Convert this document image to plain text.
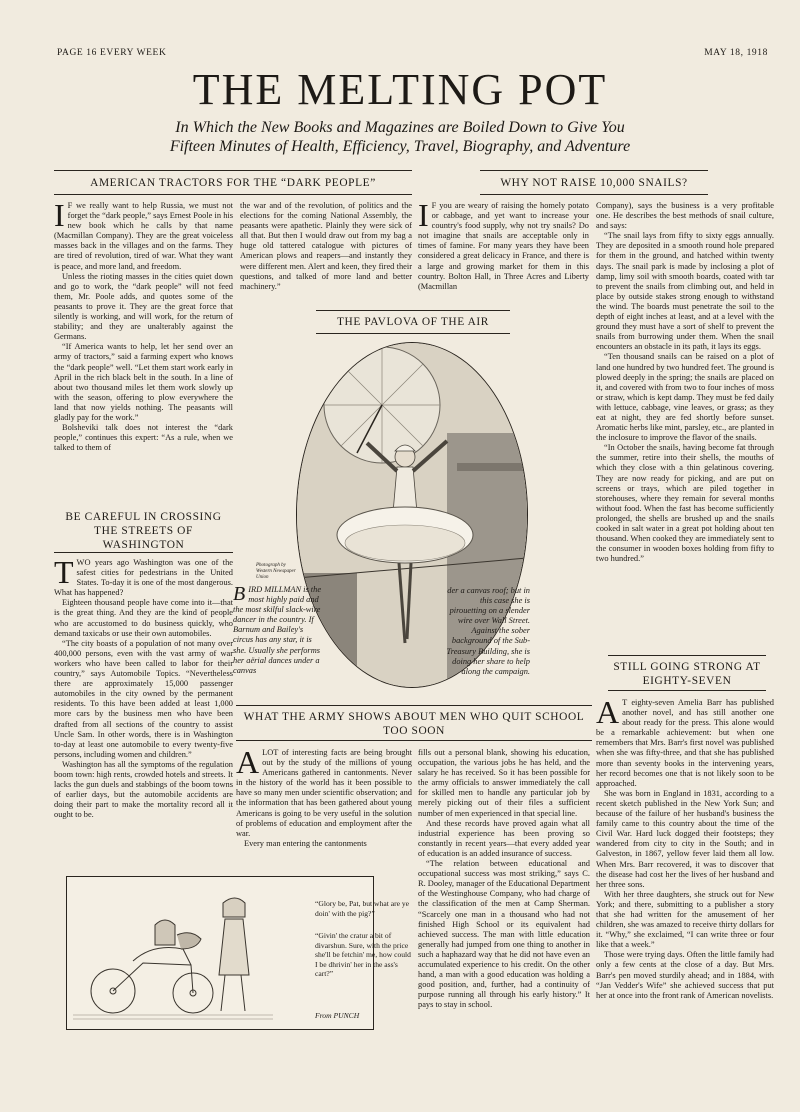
PAGE 16 EVERY WEEK	MAY 18, 1918
THE MELTING POT
In Which the New Books and Magazines are Boiled Down to Give You
Fifteen Minutes of Health, Efficiency, Travel, Biography, and Adventure
AMERICAN TRACTORS FOR THE “DARK PEOPLE”

I F we really want to help Russia, we must not forget the “dark people,” says Ernest Poole in his new book which he calls by that name (Macmillan Company). They are the great voiceless masses back in the villages and on the farms. They are tired of revolution, tired of war. What they want is peace, and more land, and freedom.

Unless the rioting masses in the cities quiet down and go to work, the “dark people” will not feed them, Mr. Poole adds, and quotes some of the peasants to prove it. They are the great force that silently is working, and will work, for the return of stability; and they are unalterably against the Germans.

“If America wants to help, let her send over an army of tractors,” said a farming expert who knows the “dark people” well. “Let them start work early in April in the rich black belt in the south. In a line of about two thousand miles let them work slowly up with the season, offering to plow everywhere the land that now yields nothing. The peasants will gladly pay for the work.”

Bolsheviki talk does not interest the “dark people,” continues this expert: “As a rule, when we talked to them of

the war and of the revolution, of politics and the elections for the coming National Assembly, the peasants were apathetic. Plainly they were sick of all that. But then I would draw out from my bag a huge old tattered catalogue with pictures of American plows and reapers—and instantly they were different men. Alert and keen, they fired their questions, and talked of more land and better machinery.”

BE CAREFUL IN CROSSING THE STREETS OF WASHINGTON

TWO years ago Washington was one of the safest cities for pedestrians in the United States. To-day it is one of the most dangerous. What has happened?

Eighteen thousand people have come into it—that is the great thing. And they are the kind of people who are accustomed to do business quickly, who demand taxicabs or use their own automobiles.

“The city boasts of a population of not many over 400,000 persons, even with the vast army of war workers who have been called to labor for their country,” says Automobile Topics. “Nevertheless there are approximately 15,000 passenger automobiles in the city owned by the permanent residents. To this have been added at least 1,000 more cars by the business men who have been drafted from all sections of the country to assist Uncle Sam. In other words, there is in Washington to-day at least one automobile to every twenty-five persons, including women and children.”

Washington has all the symptoms of the regulation boom town: high rents, crowded hotels and streets. It lacks the gun duels and stabbings of the boom towns of earlier days, but the automobile accidents are doing their part to make the mortality record all it ought to be.

THE PAVLOVA OF THE AIR
Photograph by Western Newspaper Union
BIRD MILLMAN is the most highly paid and the most skilful slack-wire dancer in the country. If Barnum and Bailey's circus has any star, it is she. Usually she performs her aërial dances under a canvas
der a canvas roof; but in this case she is pirouetting on a slender wire over Wall Street. Against the sober background of the Sub-Treasury Building, she is doing her share to help along the campaign.
WHY NOT RAISE 10,000 SNAILS?

I F you are weary of raising the homely potato or cabbage, and yet want to increase your country's food supply, why not try snails? Do not imagine that snails are acceptable only in times of famine. For many years they have been considered a great delicacy in France, and there is a large and growing market for them in this country. Bolton Hall, in Three Acres and Liberty (Macmillan

Company), says the business is a very profitable one. He describes the best methods of snail culture, and says:

“The snail lays from fifty to sixty eggs annually. They are deposited in a smooth round hole prepared for them in the ground, and hatched within twenty days. The snail park is made by inclosing a plot of damp, limy soil with smooth boards, coated with tar to prevent the snails from climbing out, and held in place by outside stakes strong enough to withstand the wind. The boards must penetrate the soil to the depth of eight inches at least, and at a level with the ground they must have a sort of shelf to prevent the snails from burrowing under them. When the snail encounters an obstacle in its path, it lays its eggs.

“Ten thousand snails can be raised on a plot of land one hundred by two hundred feet. The ground is plowed deeply in the spring; the snails are placed on it, and covered with from two to four inches of moss or straw, which is kept damp. They must be fed daily with lettuce, cabbage, vine leaves, or grass; as they eat at night, they are fed shortly before sunset. Aromatic herbs like mint, parsley, etc., are planted in the inclosure to improve the flavor of the snails.

“In October the snails, having become fat through the summer, retire into their shells, the mouths of which they close with a thin gelatinous covering. They are now ready for picking, and are put on screens or trays, which are piled together in storehouses, where they remain for several months without food. When the fast has become sufficiently prolonged, the shells are brushed up and the snails cooked in salt water in a great pot holding about ten thousand. When cooked they are immediately sent to the consumer in wooden boxes holding from fifty to two hundred.”

WHAT THE ARMY SHOWS ABOUT MEN WHO QUIT SCHOOL TOO SOON

ALOT of interesting facts are being brought out by the study of the millions of young Americans gathered in cantonments. Never in the history of the world has it been possible to have so many men under scientific observation; and the information that has been gathered about young Americans is going to be very useful in the solution of problems of education and employment after the war.

Every man entering the cantonments

fills out a personal blank, showing his education, occupation, the various jobs he has held, and the salary he has received. So it has been possible for the army officials to answer immediately the call for skilled men to handle any particular job by merely picking out of their files a sufficient number of men experienced in that special line.

And these records have proved again what all industrial experience has been proving so constantly in recent years—that every added year of education is an added insurance of success.

“The relation between educational and occupational success was most striking,” says C. R. Dooley, manager of the Educational Department of the Westinghouse Company, who had charge of the classification of the men at Camp Sherman. “Scarcely one man in a thousand who had not finished High School or its equivalent had achieved success. The man with little education generally had jumped from one thing to another in such a haphazard way that he did not have even an accumulated experience to his credit. On the other hand, a man with a good education was holding a good position, and, further, had a continuity of purpose running all through his early history.” It pays to stay in school.

STILL GOING STRONG AT EIGHTY-SEVEN

A T eighty-seven Amelia Barr has published another novel, and has still another one about ready for the press. This alone would be a remarkable achievement: but when one remembers that Mrs. Barr's first novel was published when she was fifty-three, and that she has published more than seventy books in the intervening years, her record becomes one that is not likely soon to be approached.

She was born in England in 1831, according to a recent sketch published in the New York Sun; and because of the failure of her husband's business the family came to this country about the time of the Civil War. Hard luck dogged their footsteps; they wandered from city to city in the South; and in Galveston, in 1867, yellow fever laid them all low. When Mrs. Barr recovered, it was to discover that the disease had cost her the lives of her husband and her three sons.

With her three daughters, she struck out for New York; and there, submitting to a publisher a story that she had written for the amusement of her children, she was amazed to receive thirty dollars for it. “Why,” she exclaimed, “I can write three or four like that a week.”

Those were trying days. Often the little family had only a few cents at the close of a day. But Mrs. Barr's pen moved sturdily ahead; and in 1884, with “Jan Vedder's Wife” she achieved success that put her at once into the front rank of American novelists.

“Glory be, Pat, but what are ye doin' with the pig?”
“Givin' the cratur a bit of divarshun. Sure, with the price she'll be fetchin' me, how could I be dhrivin' her in the ass's cart?”
From PUNCH
